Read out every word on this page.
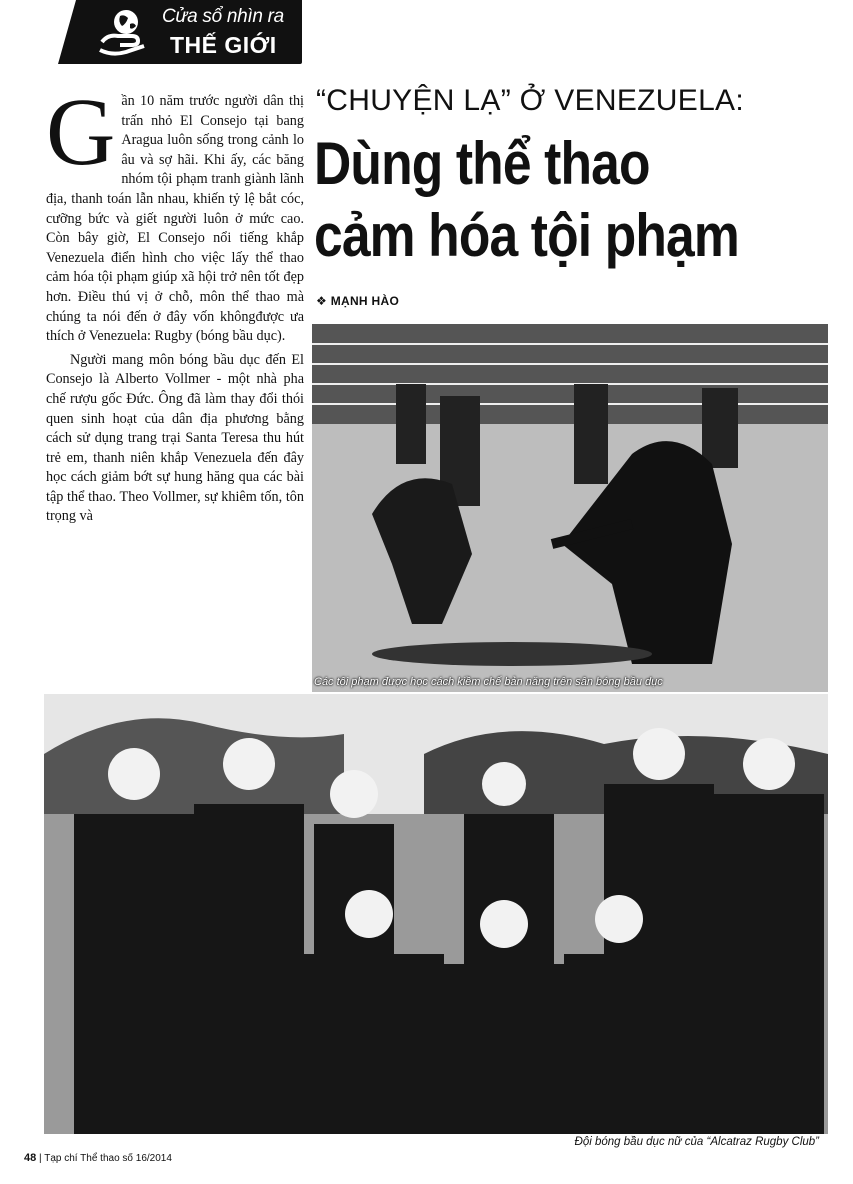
Cửa sổ nhìn ra
THẾ GIỚI
“CHUYỆN LẠ” Ở VENEZUELA:
Dùng thể thao
cảm hóa tội phạm
❖ MẠNH HÀO

Gần 10 năm trước người dân thị trấn nhỏ El Consejo tại bang Aragua luôn sống trong cảnh lo âu và sợ hãi. Khi ấy, các băng nhóm tội phạm tranh giành lãnh địa, thanh toán lẫn nhau, khiến tỷ lệ bắt cóc, cưỡng bức và giết người luôn ở mức cao. Còn bây giờ, El Consejo nổi tiếng khắp Venezuela điển hình cho việc lấy thể thao cảm hóa tội phạm giúp xã hội trở nên tốt đẹp hơn. Điều thú vị ở chỗ, môn thể thao mà chúng ta nói đến ở đây vốn khôngđược ưa thích ở Venezuela: Rugby (bóng bầu dục).

Người mang môn bóng bầu dục đến El Consejo là Alberto Vollmer - một nhà pha chế rượu gốc Đức. Ông đã làm thay đổi thói quen sinh hoạt của dân địa phương bằng cách sử dụng trang trại Santa Teresa thu hút trẻ em, thanh niên khắp Venezuela đến đây học cách giảm bớt sự hung hăng qua các bài tập thể thao. Theo Vollmer, sự khiêm tốn, tôn trọng và

Các tội phạm được học cách kiềm chế bản năng trên sân bóng bầu dục
Đội bóng bầu dục nữ của “Alcatraz Rugby Club”
48 | Tạp chí Thể thao số 16/2014
